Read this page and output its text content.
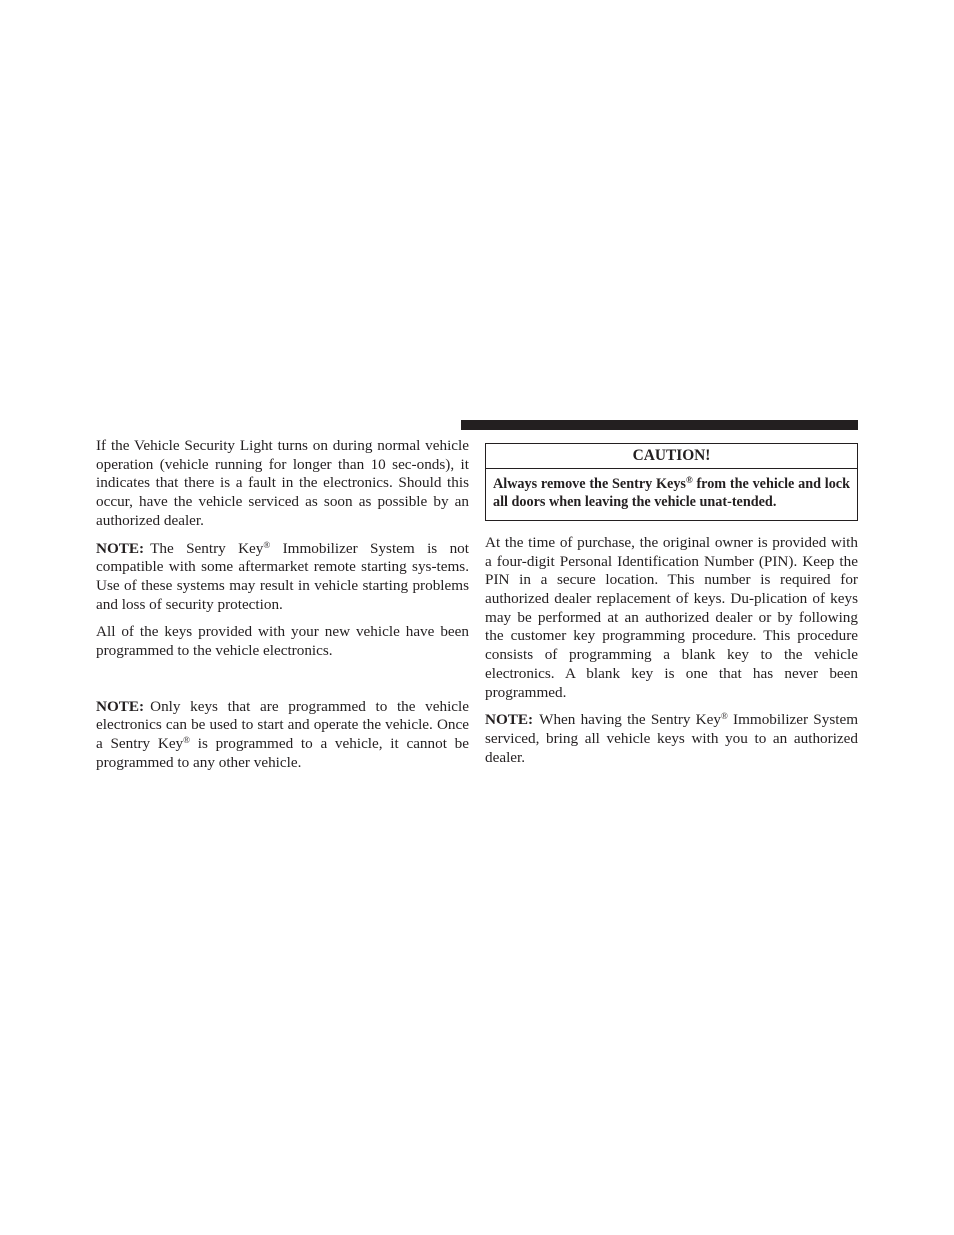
If the Vehicle Security Light turns on during normal vehicle operation (vehicle running for longer than 10 sec-onds), it indicates that there is a fault in the electronics. Should this occur, have the vehicle serviced as soon as possible by an authorized dealer.

NOTE: The Sentry Key® Immobilizer System is not compatible with some aftermarket remote starting sys-tems. Use of these systems may result in vehicle starting problems and loss of security protection.

All of the keys provided with your new vehicle have been programmed to the vehicle electronics.

NOTE: Only keys that are programmed to the vehicle electronics can be used to start and operate the vehicle. Once a Sentry Key® is programmed to a vehicle, it cannot be programmed to any other vehicle.

CAUTION!
Always remove the Sentry Keys® from the vehicle and lock all doors when leaving the vehicle unat-tended.

At the time of purchase, the original owner is provided with a four-digit Personal Identification Number (PIN). Keep the PIN in a secure location. This number is required for authorized dealer replacement of keys. Du-plication of keys may be performed at an authorized dealer or by following the customer key programming procedure. This procedure consists of programming a blank key to the vehicle electronics. A blank key is one that has never been programmed.

NOTE: When having the Sentry Key® Immobilizer System serviced, bring all vehicle keys with you to an authorized dealer.
